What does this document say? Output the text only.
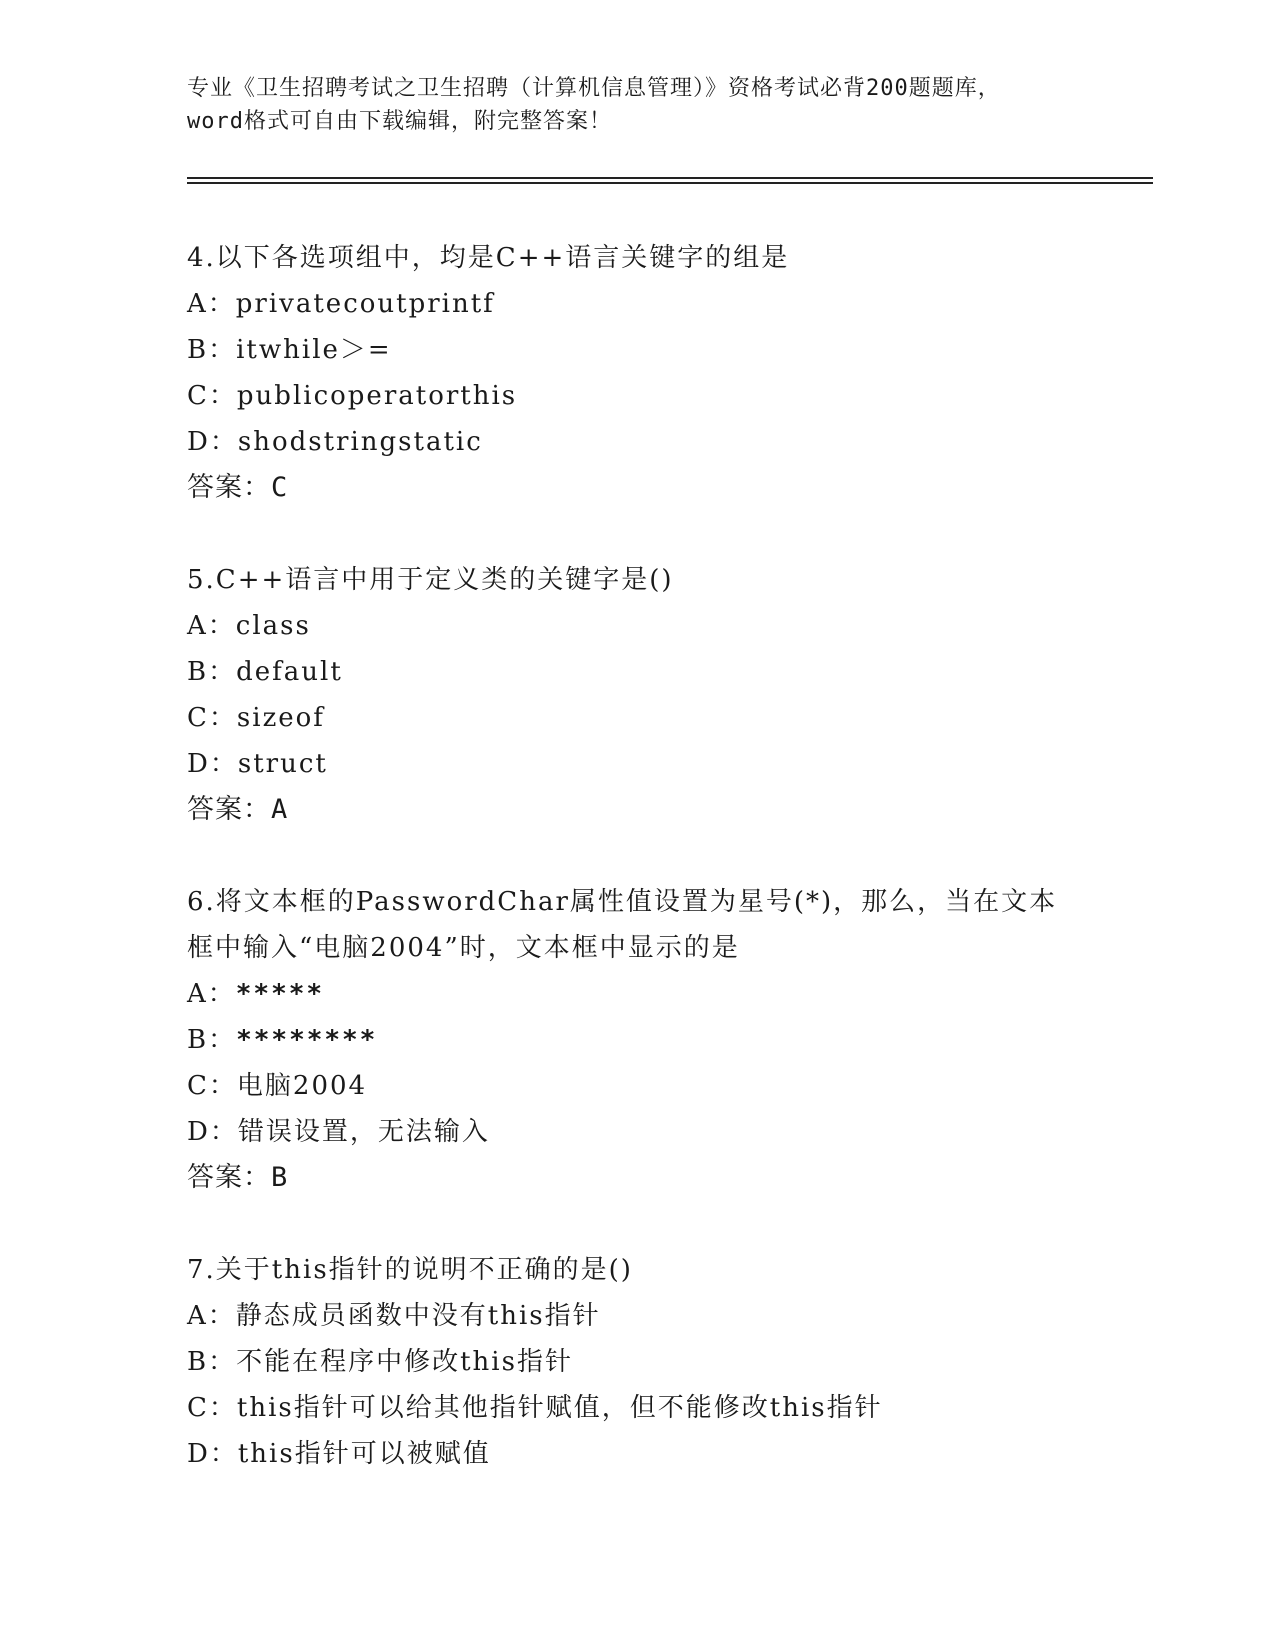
专业《卫生招聘考试之卫生招聘（计算机信息管理）》资格考试必背200题题库，
word格式可自由下载编辑，附完整答案！
4.以下各选项组中，均是C++语言关键字的组是
A：privatecoutprintf
B：itwhile＞=
C：publicoperatorthis
D：shodstringstatic
答案：C
5.C++语言中用于定义类的关键字是()
A：class
B：default
C：sizeof
D：struct
答案：A
6.将文本框的PasswordChar属性值设置为星号(*)，那么，当在文本
框中输入“电脑2004”时，文本框中显示的是
A：*****
B：********
C：电脑2004
D：错误设置，无法输入
答案：B
7.关于this指针的说明不正确的是()
A：静态成员函数中没有this指针
B：不能在程序中修改this指针
C：this指针可以给其他指针赋值，但不能修改this指针
D：this指针可以被赋值
